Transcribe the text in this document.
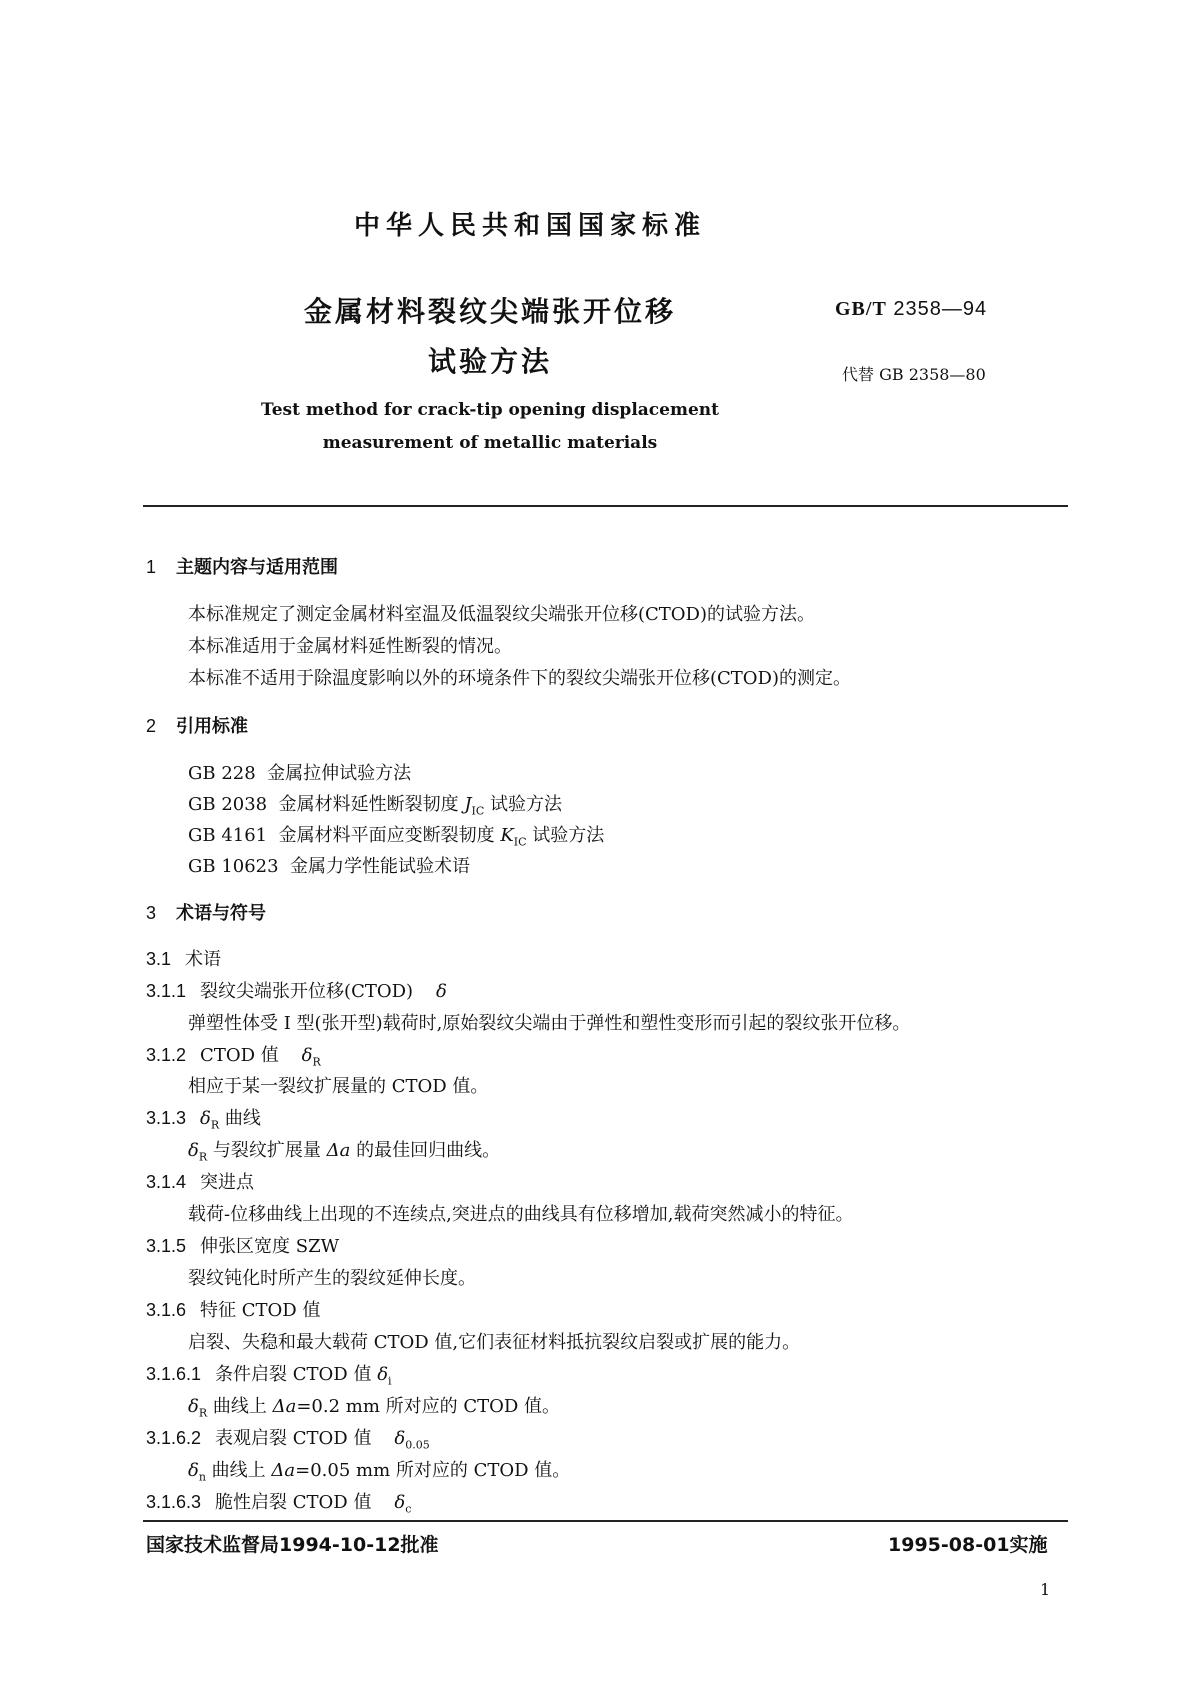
中华人民共和国国家标准
金属材料裂纹尖端张开位移
试验方法
GB/T 2358—94
代替 GB 2358—80
Test method for crack-tip opening displacement
measurement of metallic materials
1 主题内容与适用范围
本标准规定了测定金属材料室温及低温裂纹尖端张开位移(CTOD)的试验方法。
本标准适用于金属材料延性断裂的情况。
本标准不适用于除温度影响以外的环境条件下的裂纹尖端张开位移(CTOD)的测定。
2 引用标准
GB 228 金属拉伸试验方法
GB 2038 金属材料延性断裂韧度 $J_{IC}$ 试验方法
GB 4161 金属材料平面应变断裂韧度 $K_{IC}$ 试验方法
GB 10623 金属力学性能试验术语
3 术语与符号
3.1 术语
3.1.1 裂纹尖端张开位移(CTOD) δ
弹塑性体受 I 型(张开型)载荷时,原始裂纹尖端由于弹性和塑性变形而引起的裂纹张开位移。
3.1.2 CTOD 值 $\delta_R$
相应于某一裂纹扩展量的 CTOD 值。
3.1.3 $\delta_R$ 曲线
$\delta_R$ 与裂纹扩展量 Δa 的最佳回归曲线。
3.1.4 突进点
载荷-位移曲线上出现的不连续点,突进点的曲线具有位移增加,载荷突然减小的特征。
3.1.5 伸张区宽度 SZW
裂纹钝化时所产生的裂纹延伸长度。
3.1.6 特征 CTOD 值
启裂、失稳和最大载荷 CTOD 值,它们表征材料抵抗裂纹启裂或扩展的能力。
3.1.6.1 条件启裂 CTOD 值 $\delta_i$
$\delta_R$ 曲线上 Δa=0.2 mm 所对应的 CTOD 值。
3.1.6.2 表观启裂 CTOD 值 $\delta_{0.05}$
$\delta_n$ 曲线上 Δa=0.05 mm 所对应的 CTOD 值。
3.1.6.3 脆性启裂 CTOD 值 $\delta_c$
国家技术监督局1994-10-12批准	1995-08-01实施
1
